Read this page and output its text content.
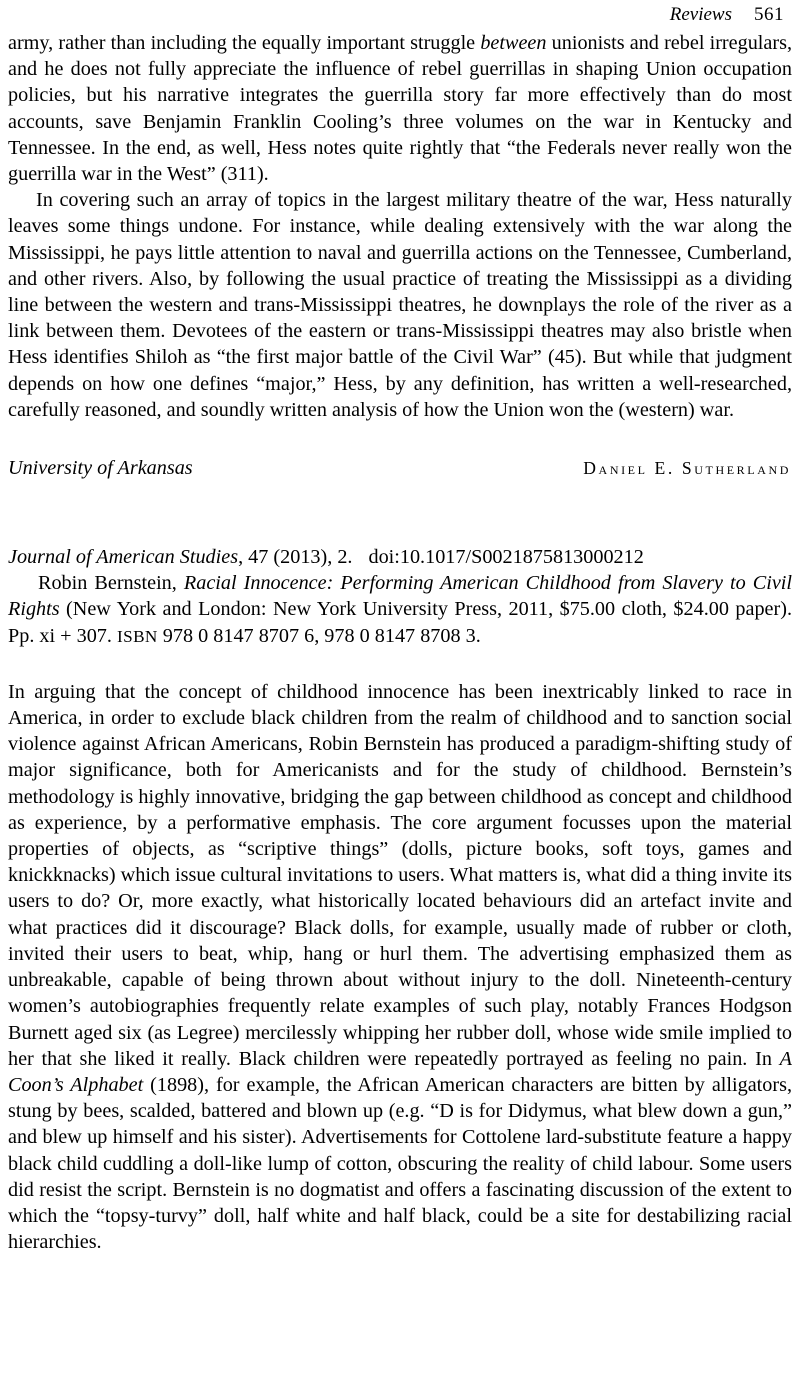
Reviews 561

army, rather than including the equally important struggle between unionists and rebel irregulars, and he does not fully appreciate the influence of rebel guerrillas in shaping Union occupation policies, but his narrative integrates the guerrilla story far more effectively than do most accounts, save Benjamin Franklin Cooling’s three volumes on the war in Kentucky and Tennessee. In the end, as well, Hess notes quite rightly that “the Federals never really won the guerrilla war in the West” (311).

In covering such an array of topics in the largest military theatre of the war, Hess naturally leaves some things undone. For instance, while dealing extensively with the war along the Mississippi, he pays little attention to naval and guerrilla actions on the Tennessee, Cumberland, and other rivers. Also, by following the usual practice of treating the Mississippi as a dividing line between the western and trans-Mississippi theatres, he downplays the role of the river as a link between them. Devotees of the eastern or trans-Mississippi theatres may also bristle when Hess identifies Shiloh as “the first major battle of the Civil War” (45). But while that judgment depends on how one defines “major,” Hess, by any definition, has written a well-researched, carefully reasoned, and soundly written analysis of how the Union won the (western) war.

University of Arkansas	Daniel E. Sutherland
Journal of American Studies, 47 (2013), 2. doi:10.1017/S0021875813000212
Robin Bernstein, Racial Innocence: Performing American Childhood from Slavery to Civil Rights (New York and London: New York University Press, 2011, $75.00 cloth, $24.00 paper). Pp. xi + 307. ISBN 978 0 8147 8707 6, 978 0 8147 8708 3.

In arguing that the concept of childhood innocence has been inextricably linked to race in America, in order to exclude black children from the realm of childhood and to sanction social violence against African Americans, Robin Bernstein has produced a paradigm-shifting study of major significance, both for Americanists and for the study of childhood. Bernstein’s methodology is highly innovative, bridging the gap between childhood as concept and childhood as experience, by a performative emphasis. The core argument focusses upon the material properties of objects, as “scriptive things” (dolls, picture books, soft toys, games and knickknacks) which issue cultural invitations to users. What matters is, what did a thing invite its users to do? Or, more exactly, what historically located behaviours did an artefact invite and what practices did it discourage? Black dolls, for example, usually made of rubber or cloth, invited their users to beat, whip, hang or hurl them. The advertising emphasized them as unbreakable, capable of being thrown about without injury to the doll. Nineteenth-century women’s autobiographies frequently relate examples of such play, notably Frances Hodgson Burnett aged six (as Legree) mercilessly whipping her rubber doll, whose wide smile implied to her that she liked it really. Black children were repeatedly portrayed as feeling no pain. In A Coon’s Alphabet (1898), for example, the African American characters are bitten by alligators, stung by bees, scalded, battered and blown up (e.g. “D is for Didymus, what blew down a gun,” and blew up himself and his sister). Advertisements for Cottolene lard-substitute feature a happy black child cuddling a doll-like lump of cotton, obscuring the reality of child labour. Some users did resist the script. Bernstein is no dogmatist and offers a fascinating discussion of the extent to which the “topsy-turvy” doll, half white and half black, could be a site for destabilizing racial hierarchies.
